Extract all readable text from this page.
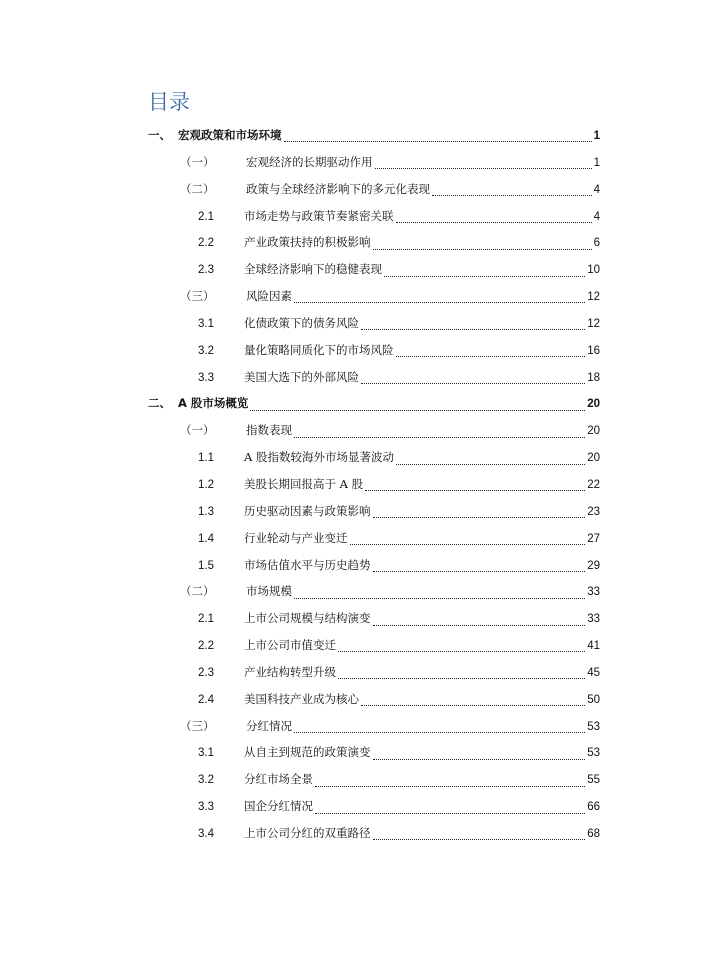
目录
一、 宏观政策和市场环境	1
（一）	宏观经济的长期驱动作用	1
（二）	政策与全球经济影响下的多元化表现	4
2.1	市场走势与政策节奏紧密关联	4
2.2	产业政策扶持的积极影响	6
2.3	全球经济影响下的稳健表现	10
（三）	风险因素	12
3.1	化债政策下的债务风险	12
3.2	量化策略同质化下的市场风险	16
3.3	美国大选下的外部风险	18
二、 A 股市场概览	20
（一）	指数表现	20
1.1	A 股指数较海外市场显著波动	20
1.2	美股长期回报高于 A 股	22
1.3	历史驱动因素与政策影响	23
1.4	行业轮动与产业变迁	27
1.5	市场估值水平与历史趋势	29
（二）	市场规模	33
2.1	上市公司规模与结构演变	33
2.2	上市公司市值变迁	41
2.3	产业结构转型升级	45
2.4	美国科技产业成为核心	50
（三）	分红情况	53
3.1	从自主到规范的政策演变	53
3.2	分红市场全景	55
3.3	国企分红情况	66
3.4	上市公司分红的双重路径	68
